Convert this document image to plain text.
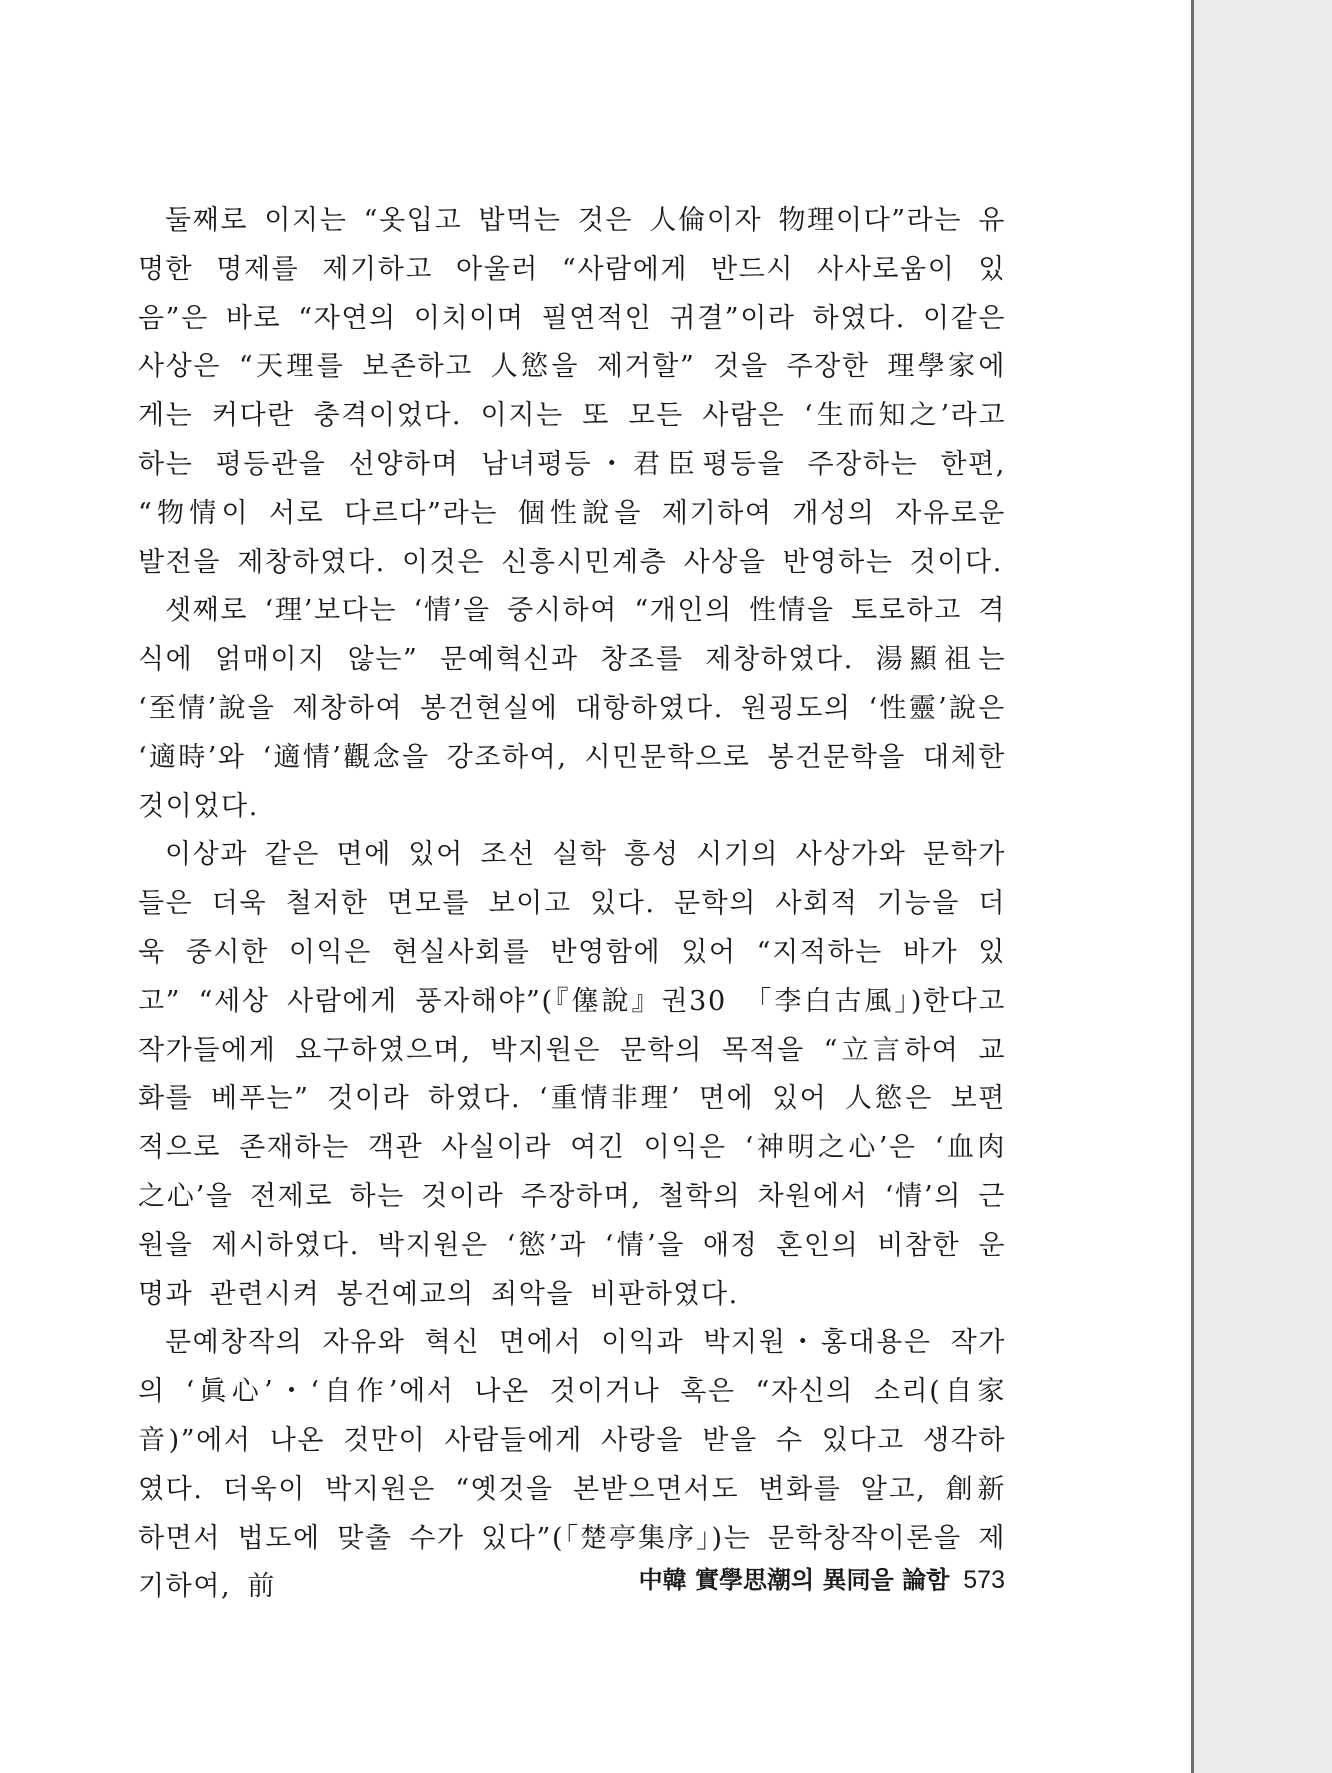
둘째로 이지는 “옷입고 밥먹는 것은 人倫이자 物理이다”라는 유명한 명제를 제기하고 아울러 “사람에게 반드시 사사로움이 있음”은 바로 “자연의 이치이며 필연적인 귀결”이라 하였다. 이같은 사상은 “天理를 보존하고 人慾을 제거할” 것을 주장한 理學家에게는 커다란 충격이었다. 이지는 또 모든 사람은 ‘生而知之’라고 하는 평등관을 선양하며 남녀평등・君臣평등을 주장하는 한편, “物情이 서로 다르다”라는 個性說을 제기하여 개성의 자유로운 발전을 제창하였다. 이것은 신흥시민계층 사상을 반영하는 것이다.

셋째로 ‘理’보다는 ‘情’을 중시하여 “개인의 性情을 토로하고 격식에 얽매이지 않는” 문예혁신과 창조를 제창하였다. 湯顯祖는 ‘至情’說을 제창하여 봉건현실에 대항하였다. 원굉도의 ‘性靈’說은 ‘適時’와 ‘適情’觀念을 강조하여, 시민문학으로 봉건문학을 대체한 것이었다.

이상과 같은 면에 있어 조선 실학 흥성 시기의 사상가와 문학가들은 더욱 철저한 면모를 보이고 있다. 문학의 사회적 기능을 더욱 중시한 이익은 현실사회를 반영함에 있어 “지적하는 바가 있고” “세상 사람에게 풍자해야”(『僿說』권30 「李白古風」)한다고 작가들에게 요구하였으며, 박지원은 문학의 목적을 “立言하여 교화를 베푸는” 것이라 하였다. ‘重情非理’ 면에 있어 人慾은 보편적으로 존재하는 객관 사실이라 여긴 이익은 ‘神明之心’은 ‘血肉之心’을 전제로 하는 것이라 주장하며, 철학의 차원에서 ‘情’의 근원을 제시하였다. 박지원은 ‘慾’과 ‘情’을 애정 혼인의 비참한 운명과 관련시켜 봉건예교의 죄악을 비판하였다.

문예창작의 자유와 혁신 면에서 이익과 박지원・홍대용은 작가의 ‘眞心’・‘自作’에서 나온 것이거나 혹은 “자신의 소리(自家音)”에서 나온 것만이 사람들에게 사랑을 받을 수 있다고 생각하였다. 더욱이 박지원은 “옛것을 본받으면서도 변화를 알고, 創新하면서 법도에 맞출 수가 있다”(「楚亭集序」)는 문학창작이론을 제기하여, 前	中韓 實學思潮의 異同을 論함 573
